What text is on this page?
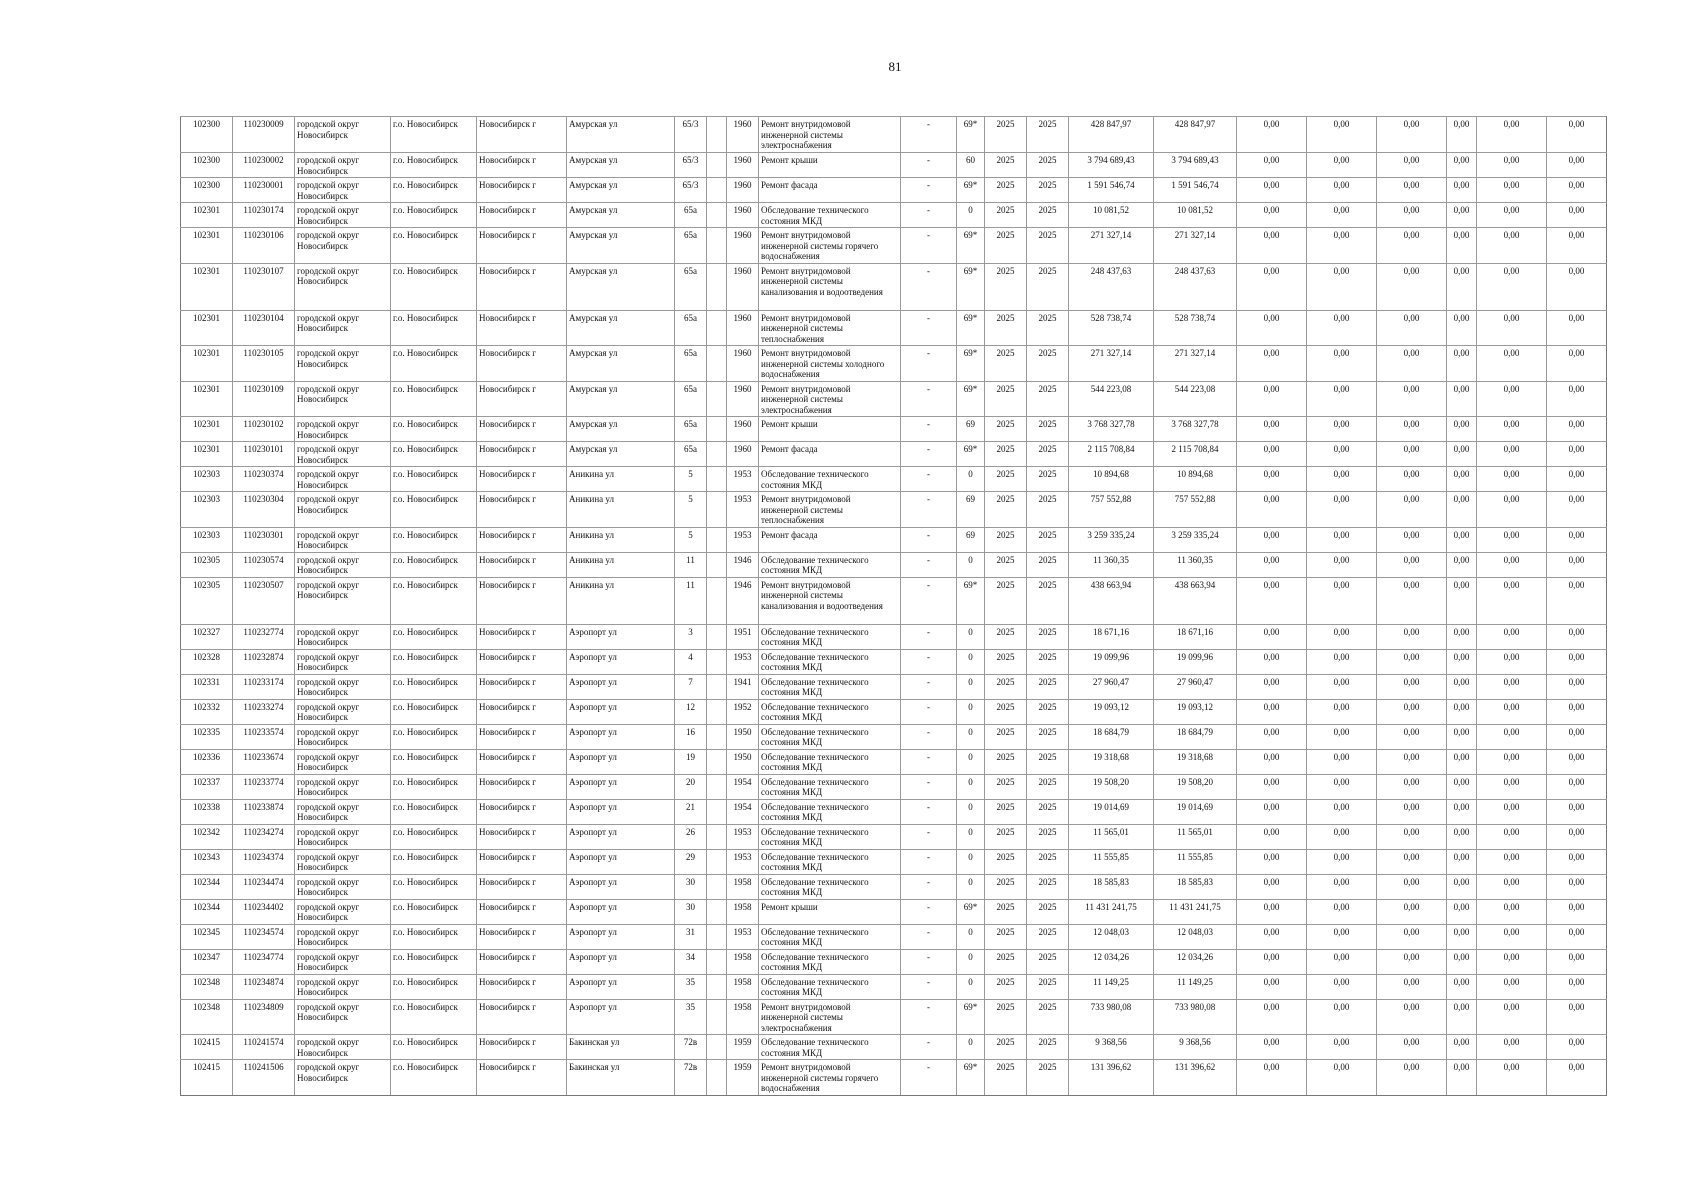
81
102300	110230009	городской округ Новосибирск	г.о. Новосибирск	Новосибирск г	Амурская ул	65/3		1960	Ремонт внутридомовой инженерной системы электроснабжения	-	69*	2025	2025	428 847,97	428 847,97	0,00	0,00	0,00	0,00	0,00	0,00
102300	110230002	городской округ Новосибирск	г.о. Новосибирск	Новосибирск г	Амурская ул	65/3		1960	Ремонт крыши	-	60	2025	2025	3 794 689,43	3 794 689,43	0,00	0,00	0,00	0,00	0,00	0,00
102300	110230001	городской округ Новосибирск	г.о. Новосибирск	Новосибирск г	Амурская ул	65/3		1960	Ремонт фасада	-	69*	2025	2025	1 591 546,74	1 591 546,74	0,00	0,00	0,00	0,00	0,00	0,00
102301	110230174	городской округ Новосибирск	г.о. Новосибирск	Новосибирск г	Амурская ул	65а		1960	Обследование технического состояния МКД	-	0	2025	2025	10 081,52	10 081,52	0,00	0,00	0,00	0,00	0,00	0,00
102301	110230106	городской округ Новосибирск	г.о. Новосибирск	Новосибирск г	Амурская ул	65а		1960	Ремонт внутридомовой инженерной системы горячего водоснабжения	-	69*	2025	2025	271 327,14	271 327,14	0,00	0,00	0,00	0,00	0,00	0,00
102301	110230107	городской округ Новосибирск	г.о. Новосибирск	Новосибирск г	Амурская ул	65а		1960	Ремонт внутридомовой инженерной системы канализования и водоотведения	-	69*	2025	2025	248 437,63	248 437,63	0,00	0,00	0,00	0,00	0,00	0,00
102301	110230104	городской округ Новосибирск	г.о. Новосибирск	Новосибирск г	Амурская ул	65а		1960	Ремонт внутридомовой инженерной системы теплоснабжения	-	69*	2025	2025	528 738,74	528 738,74	0,00	0,00	0,00	0,00	0,00	0,00
102301	110230105	городской округ Новосибирск	г.о. Новосибирск	Новосибирск г	Амурская ул	65а		1960	Ремонт внутридомовой инженерной системы холодного водоснабжения	-	69*	2025	2025	271 327,14	271 327,14	0,00	0,00	0,00	0,00	0,00	0,00
102301	110230109	городской округ Новосибирск	г.о. Новосибирск	Новосибирск г	Амурская ул	65а		1960	Ремонт внутридомовой инженерной системы электроснабжения	-	69*	2025	2025	544 223,08	544 223,08	0,00	0,00	0,00	0,00	0,00	0,00
102301	110230102	городской округ Новосибирск	г.о. Новосибирск	Новосибирск г	Амурская ул	65а		1960	Ремонт крыши	-	69	2025	2025	3 768 327,78	3 768 327,78	0,00	0,00	0,00	0,00	0,00	0,00
102301	110230101	городской округ Новосибирск	г.о. Новосибирск	Новосибирск г	Амурская ул	65а		1960	Ремонт фасада	-	69*	2025	2025	2 115 708,84	2 115 708,84	0,00	0,00	0,00	0,00	0,00	0,00
102303	110230374	городской округ Новосибирск	г.о. Новосибирск	Новосибирск г	Аникина ул	5		1953	Обследование технического состояния МКД	-	0	2025	2025	10 894,68	10 894,68	0,00	0,00	0,00	0,00	0,00	0,00
102303	110230304	городской округ Новосибирск	г.о. Новосибирск	Новосибирск г	Аникина ул	5		1953	Ремонт внутридомовой инженерной системы теплоснабжения	-	69	2025	2025	757 552,88	757 552,88	0,00	0,00	0,00	0,00	0,00	0,00
102303	110230301	городской округ Новосибирск	г.о. Новосибирск	Новосибирск г	Аникина ул	5		1953	Ремонт фасада	-	69	2025	2025	3 259 335,24	3 259 335,24	0,00	0,00	0,00	0,00	0,00	0,00
102305	110230574	городской округ Новосибирск	г.о. Новосибирск	Новосибирск г	Аникина ул	11		1946	Обследование технического состояния МКД	-	0	2025	2025	11 360,35	11 360,35	0,00	0,00	0,00	0,00	0,00	0,00
102305	110230507	городской округ Новосибирск	г.о. Новосибирск	Новосибирск г	Аникина ул	11		1946	Ремонт внутридомовой инженерной системы канализования и водоотведения	-	69*	2025	2025	438 663,94	438 663,94	0,00	0,00	0,00	0,00	0,00	0,00
102327	110232774	городской округ Новосибирск	г.о. Новосибирск	Новосибирск г	Аэропорт ул	3		1951	Обследование технического состояния МКД	-	0	2025	2025	18 671,16	18 671,16	0,00	0,00	0,00	0,00	0,00	0,00
102328	110232874	городской округ Новосибирск	г.о. Новосибирск	Новосибирск г	Аэропорт ул	4		1953	Обследование технического состояния МКД	-	0	2025	2025	19 099,96	19 099,96	0,00	0,00	0,00	0,00	0,00	0,00
102331	110233174	городской округ Новосибирск	г.о. Новосибирск	Новосибирск г	Аэропорт ул	7		1941	Обследование технического состояния МКД	-	0	2025	2025	27 960,47	27 960,47	0,00	0,00	0,00	0,00	0,00	0,00
102332	110233274	городской округ Новосибирск	г.о. Новосибирск	Новосибирск г	Аэропорт ул	12		1952	Обследование технического состояния МКД	-	0	2025	2025	19 093,12	19 093,12	0,00	0,00	0,00	0,00	0,00	0,00
102335	110233574	городской округ Новосибирск	г.о. Новосибирск	Новосибирск г	Аэропорт ул	16		1950	Обследование технического состояния МКД	-	0	2025	2025	18 684,79	18 684,79	0,00	0,00	0,00	0,00	0,00	0,00
102336	110233674	городской округ Новосибирск	г.о. Новосибирск	Новосибирск г	Аэропорт ул	19		1950	Обследование технического состояния МКД	-	0	2025	2025	19 318,68	19 318,68	0,00	0,00	0,00	0,00	0,00	0,00
102337	110233774	городской округ Новосибирск	г.о. Новосибирск	Новосибирск г	Аэропорт ул	20		1954	Обследование технического состояния МКД	-	0	2025	2025	19 508,20	19 508,20	0,00	0,00	0,00	0,00	0,00	0,00
102338	110233874	городской округ Новосибирск	г.о. Новосибирск	Новосибирск г	Аэропорт ул	21		1954	Обследование технического состояния МКД	-	0	2025	2025	19 014,69	19 014,69	0,00	0,00	0,00	0,00	0,00	0,00
102342	110234274	городской округ Новосибирск	г.о. Новосибирск	Новосибирск г	Аэропорт ул	26		1953	Обследование технического состояния МКД	-	0	2025	2025	11 565,01	11 565,01	0,00	0,00	0,00	0,00	0,00	0,00
102343	110234374	городской округ Новосибирск	г.о. Новосибирск	Новосибирск г	Аэропорт ул	29		1953	Обследование технического состояния МКД	-	0	2025	2025	11 555,85	11 555,85	0,00	0,00	0,00	0,00	0,00	0,00
102344	110234474	городской округ Новосибирск	г.о. Новосибирск	Новосибирск г	Аэропорт ул	30		1958	Обследование технического состояния МКД	-	0	2025	2025	18 585,83	18 585,83	0,00	0,00	0,00	0,00	0,00	0,00
102344	110234402	городской округ Новосибирск	г.о. Новосибирск	Новосибирск г	Аэропорт ул	30		1958	Ремонт крыши	-	69*	2025	2025	11 431 241,75	11 431 241,75	0,00	0,00	0,00	0,00	0,00	0,00
102345	110234574	городской округ Новосибирск	г.о. Новосибирск	Новосибирск г	Аэропорт ул	31		1953	Обследование технического состояния МКД	-	0	2025	2025	12 048,03	12 048,03	0,00	0,00	0,00	0,00	0,00	0,00
102347	110234774	городской округ Новосибирск	г.о. Новосибирск	Новосибирск г	Аэропорт ул	34		1958	Обследование технического состояния МКД	-	0	2025	2025	12 034,26	12 034,26	0,00	0,00	0,00	0,00	0,00	0,00
102348	110234874	городской округ Новосибирск	г.о. Новосибирск	Новосибирск г	Аэропорт ул	35		1958	Обследование технического состояния МКД	-	0	2025	2025	11 149,25	11 149,25	0,00	0,00	0,00	0,00	0,00	0,00
102348	110234809	городской округ Новосибирск	г.о. Новосибирск	Новосибирск г	Аэропорт ул	35		1958	Ремонт внутридомовой инженерной системы электроснабжения	-	69*	2025	2025	733 980,08	733 980,08	0,00	0,00	0,00	0,00	0,00	0,00
102415	110241574	городской округ Новосибирск	г.о. Новосибирск	Новосибирск г	Бакинская ул	72в		1959	Обследование технического состояния МКД	-	0	2025	2025	9 368,56	9 368,56	0,00	0,00	0,00	0,00	0,00	0,00
102415	110241506	городской округ Новосибирск	г.о. Новосибирск	Новосибирск г	Бакинская ул	72в		1959	Ремонт внутридомовой инженерной системы горячего водоснабжения	-	69*	2025	2025	131 396,62	131 396,62	0,00	0,00	0,00	0,00	0,00	0,00
